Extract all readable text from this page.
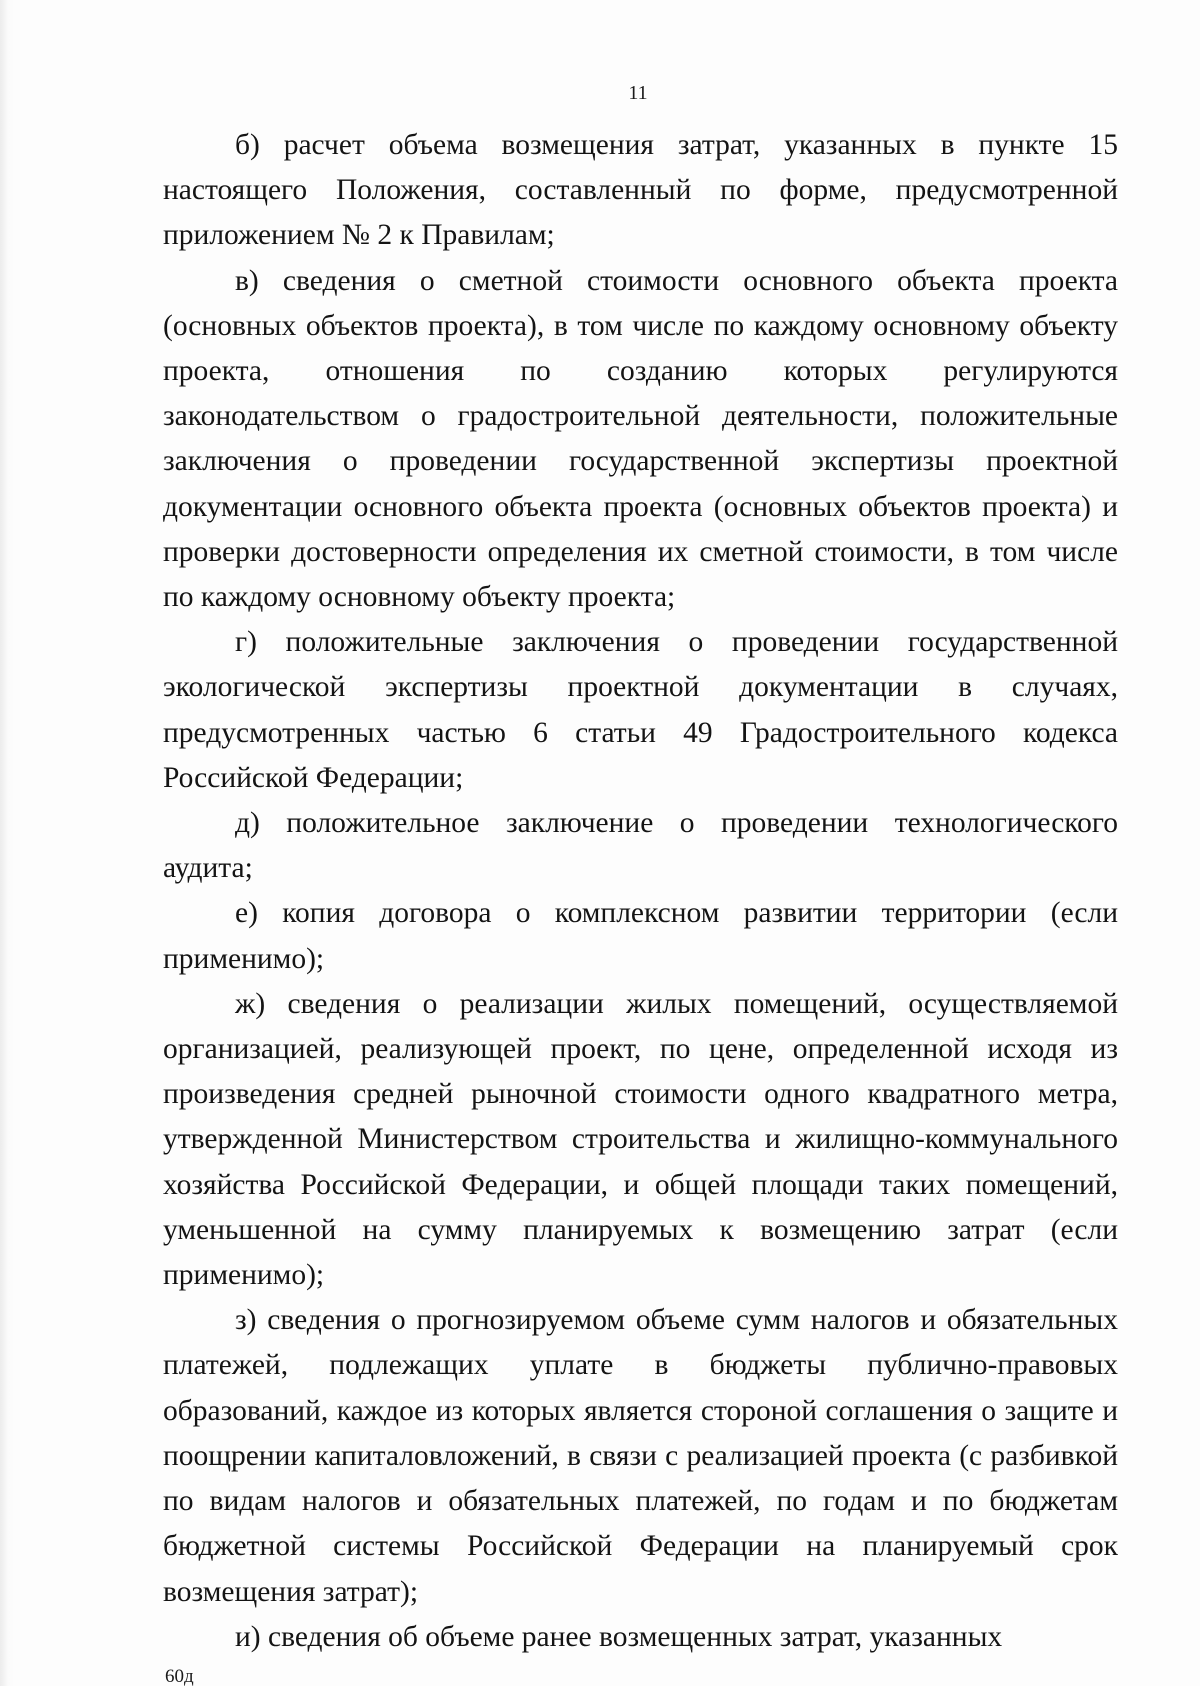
11

б) расчет объема возмещения затрат, указанных в пункте 15 настоящего Положения, составленный по форме, предусмотренной приложением № 2 к Правилам;

в) сведения о сметной стоимости основного объекта проекта (основных объектов проекта), в том числе по каждому основному объекту проекта, отношения по созданию которых регулируются законодательством о градостроительной деятельности, положительные заключения о проведении государственной экспертизы проектной документации основного объекта проекта (основных объектов проекта) и проверки достоверности определения их сметной стоимости, в том числе по каждому основному объекту проекта;

г) положительные заключения о проведении государственной экологической экспертизы проектной документации в случаях, предусмотренных частью 6 статьи 49 Градостроительного кодекса Российской Федерации;

д) положительное заключение о проведении технологического аудита;

е) копия договора о комплексном развитии территории (если применимо);

ж) сведения о реализации жилых помещений, осуществляемой организацией, реализующей проект, по цене, определенной исходя из произведения средней рыночной стоимости одного квадратного метра, утвержденной Министерством строительства и жилищно-коммунального хозяйства Российской Федерации, и общей площади таких помещений, уменьшенной на сумму планируемых к возмещению затрат (если применимо);

з) сведения о прогнозируемом объеме сумм налогов и обязательных платежей, подлежащих уплате в бюджеты публично-правовых образований, каждое из которых является стороной соглашения о защите и поощрении капиталовложений, в связи с реализацией проекта (с разбивкой по видам налогов и обязательных платежей, по годам и по бюджетам бюджетной системы Российской Федерации на планируемый срок возмещения затрат);

и) сведения об объеме ранее возмещенных затрат, указанных

60д
